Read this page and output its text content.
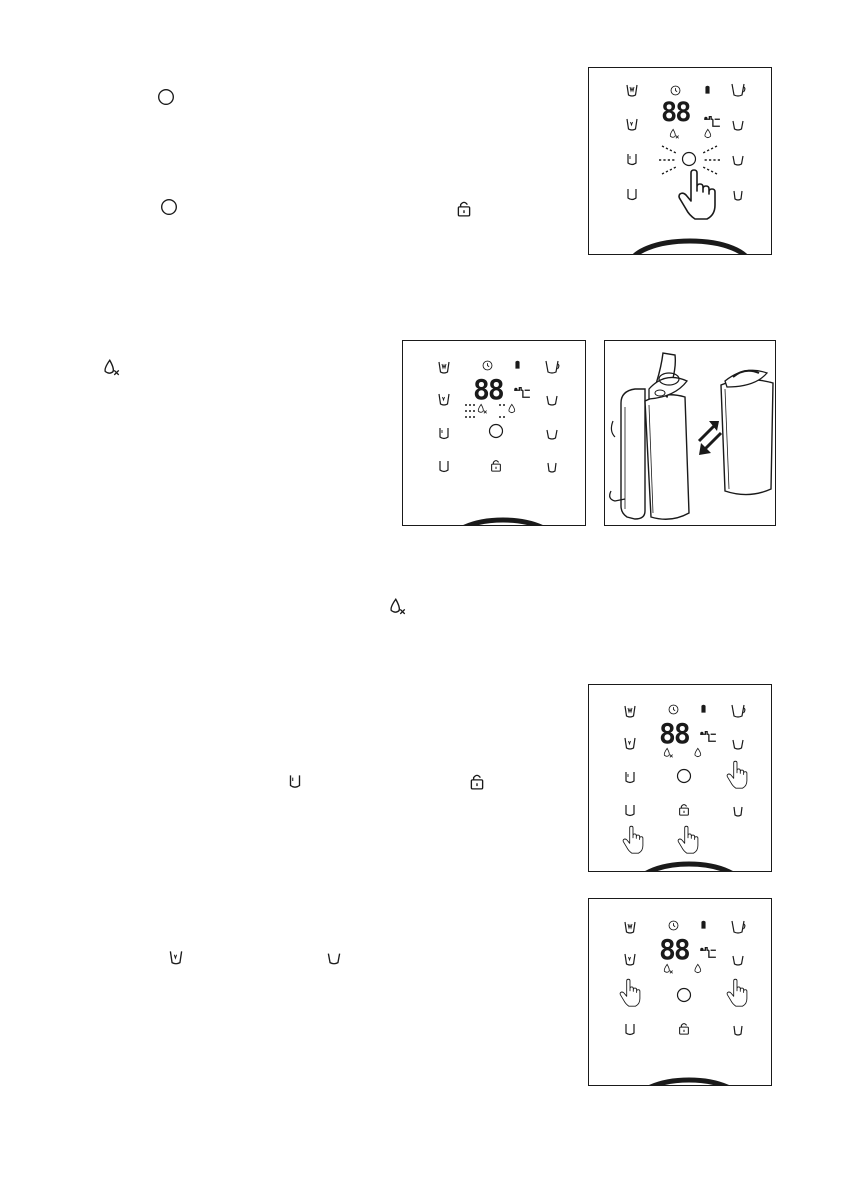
88
88
88
88
